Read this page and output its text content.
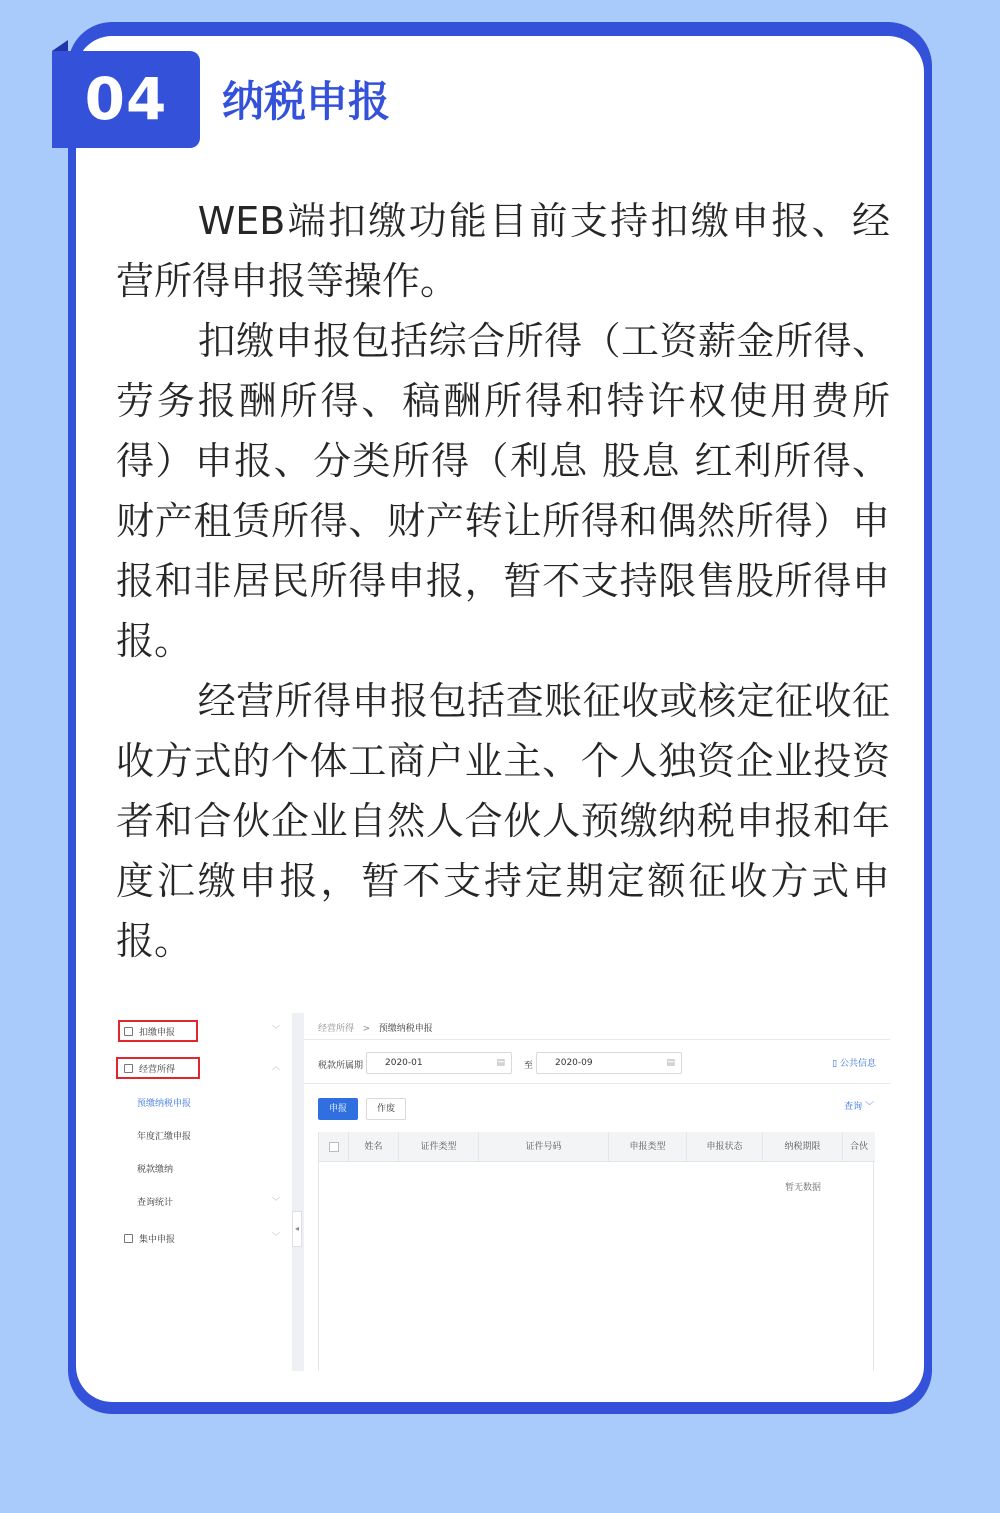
04	纳税申报

WEB端扣缴功能目前支持扣缴申报、经营所得申报等操作。

扣缴申报包括综合所得（工资薪金所得、劳务报酬所得、稿酬所得和特许权使用费所得）申报、分类所得（利息 股息 红利所得、财产租赁所得、财产转让所得和偶然所得）申报和非居民所得申报，暂不支持限售股所得申报。

经营所得申报包括查账征收或核定征收征收方式的个体工商户业主、个人独资企业投资者和合伙企业自然人合伙人预缴纳税申报和年度汇缴申报，暂不支持定期定额征收方式申报。

扣缴申报	﹀
经营所得	︿
预缴纳税申报
年度汇缴申报
税款缴纳
查询统计	﹀
集中申报	﹀
◂
经营所得 > 预缴纳税申报
税款所属期	2020-01	▤ 至	2020-09	▤	▯ 公共信息
申报	作废	查询 ﹀
姓名	证件类型	证件号码	申报类型	申报状态	纳税期限	合伙
暂无数据
